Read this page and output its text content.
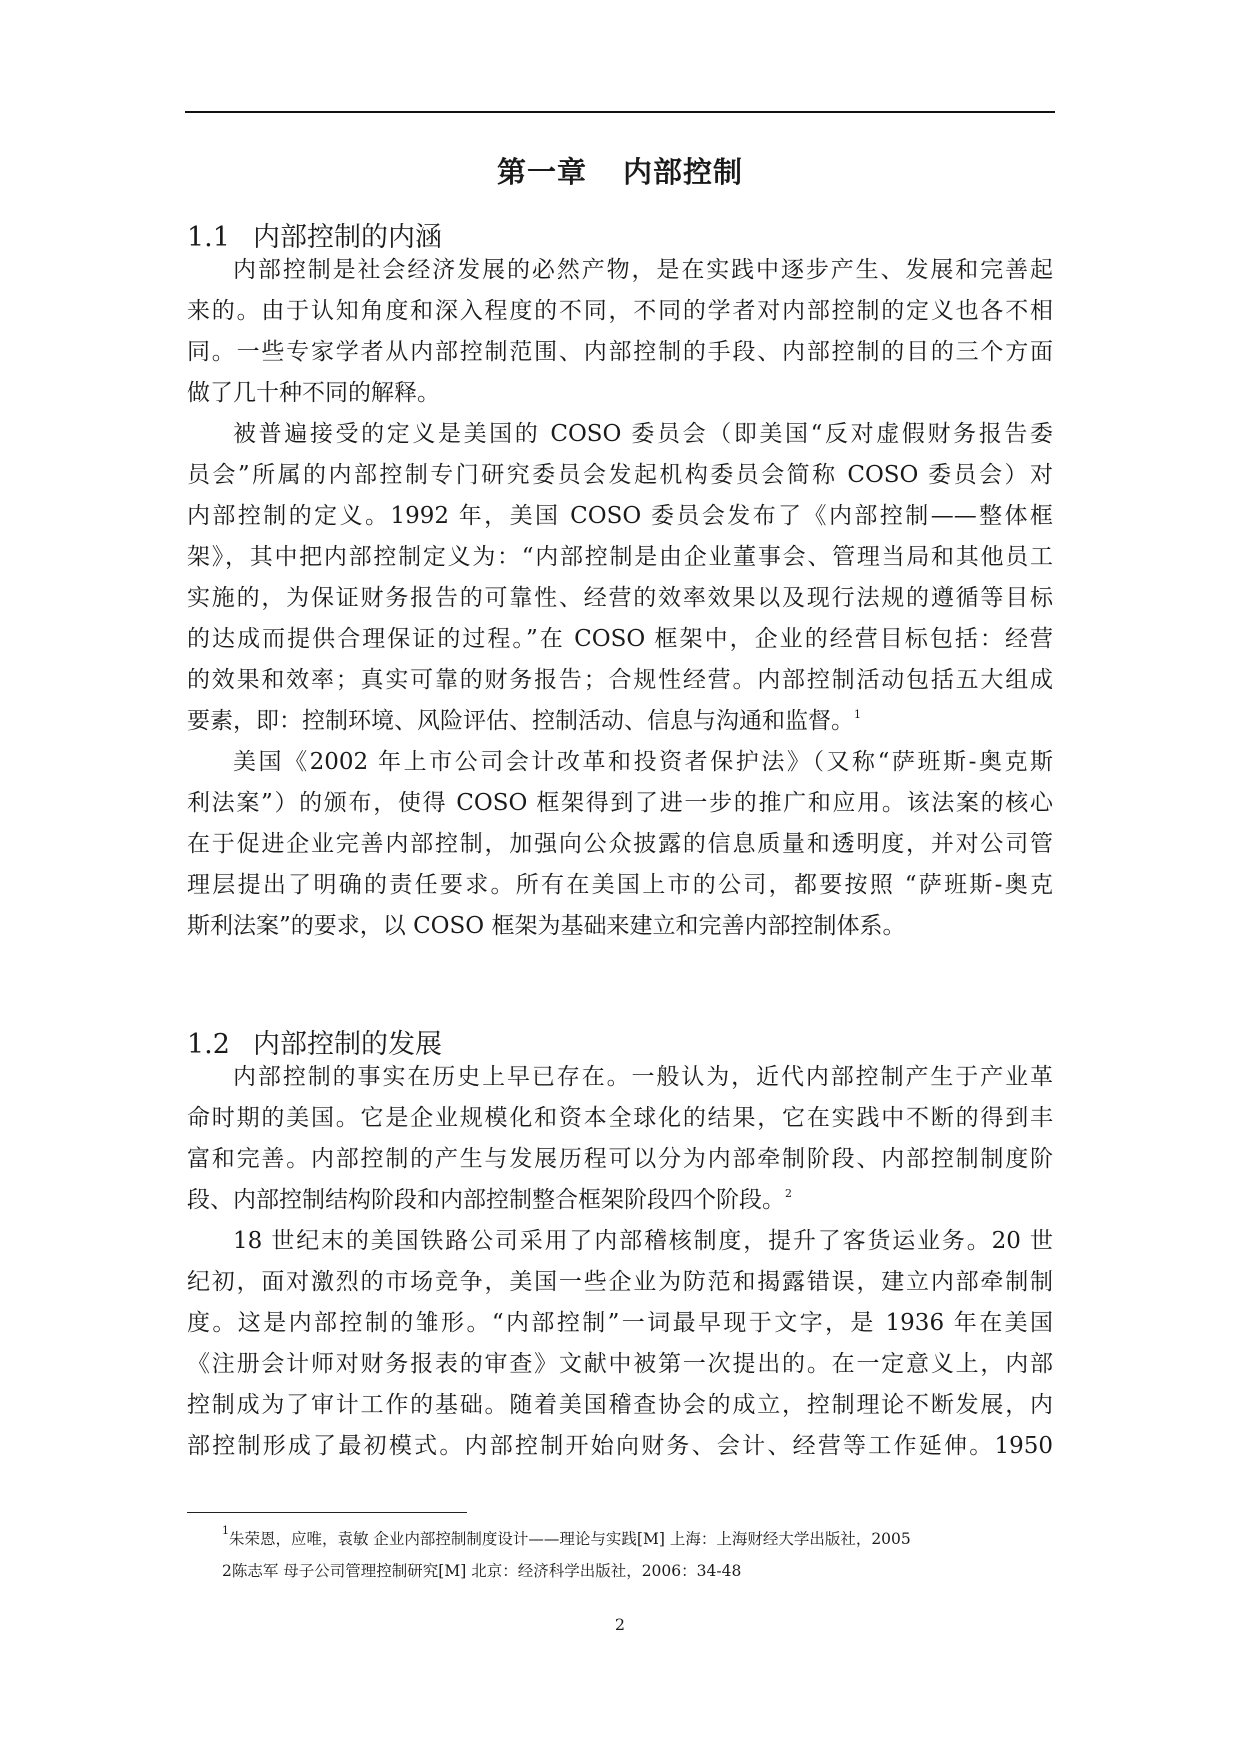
第一章 内部控制
1.1 内部控制的内涵
内部控制是社会经济发展的必然产物，是在实践中逐步产生、发展和完善起
来的。由于认知角度和深入程度的不同，不同的学者对内部控制的定义也各不相
同。一些专家学者从内部控制范围、内部控制的手段、内部控制的目的三个方面
做了几十种不同的解释。
被普遍接受的定义是美国的 COSO 委员会（即美国“反对虚假财务报告委
员会”所属的内部控制专门研究委员会发起机构委员会简称 COSO 委员会）对
内部控制的定义。1992 年，美国 COSO 委员会发布了《内部控制——整体框
架》，其中把内部控制定义为：“内部控制是由企业董事会、管理当局和其他员工
实施的，为保证财务报告的可靠性、经营的效率效果以及现行法规的遵循等目标
的达成而提供合理保证的过程。”在 COSO 框架中，企业的经营目标包括：经营
的效果和效率；真实可靠的财务报告；合规性经营。内部控制活动包括五大组成
要素，即：控制环境、风险评估、控制活动、信息与沟通和监督。$^1$
美国《2002 年上市公司会计改革和投资者保护法》（又称“萨班斯-奥克斯
利法案”）的颁布，使得 COSO 框架得到了进一步的推广和应用。该法案的核心
在于促进企业完善内部控制，加强向公众披露的信息质量和透明度，并对公司管
理层提出了明确的责任要求。所有在美国上市的公司，都要按照 “萨班斯-奥克
斯利法案”的要求，以 COSO 框架为基础来建立和完善内部控制体系。
1.2 内部控制的发展
内部控制的事实在历史上早已存在。一般认为，近代内部控制产生于产业革
命时期的美国。它是企业规模化和资本全球化的结果，它在实践中不断的得到丰
富和完善。内部控制的产生与发展历程可以分为内部牵制阶段、内部控制制度阶
段、内部控制结构阶段和内部控制整合框架阶段四个阶段。$^2$
18 世纪末的美国铁路公司采用了内部稽核制度，提升了客货运业务。20 世
纪初，面对激烈的市场竞争，美国一些企业为防范和揭露错误，建立内部牵制制
度。这是内部控制的雏形。“内部控制”一词最早现于文字，是 1936 年在美国
《注册会计师对财务报表的审查》文献中被第一次提出的。在一定意义上，内部
控制成为了审计工作的基础。随着美国稽查协会的成立，控制理论不断发展，内
部控制形成了最初模式。内部控制开始向财务、会计、经营等工作延伸。1950
$^1$朱荣恩，应唯，袁敏 企业内部控制制度设计——理论与实践[M] 上海：上海财经大学出版社，2005
2陈志军 母子公司管理控制研究[M] 北京：经济科学出版社，2006：34-48
2
